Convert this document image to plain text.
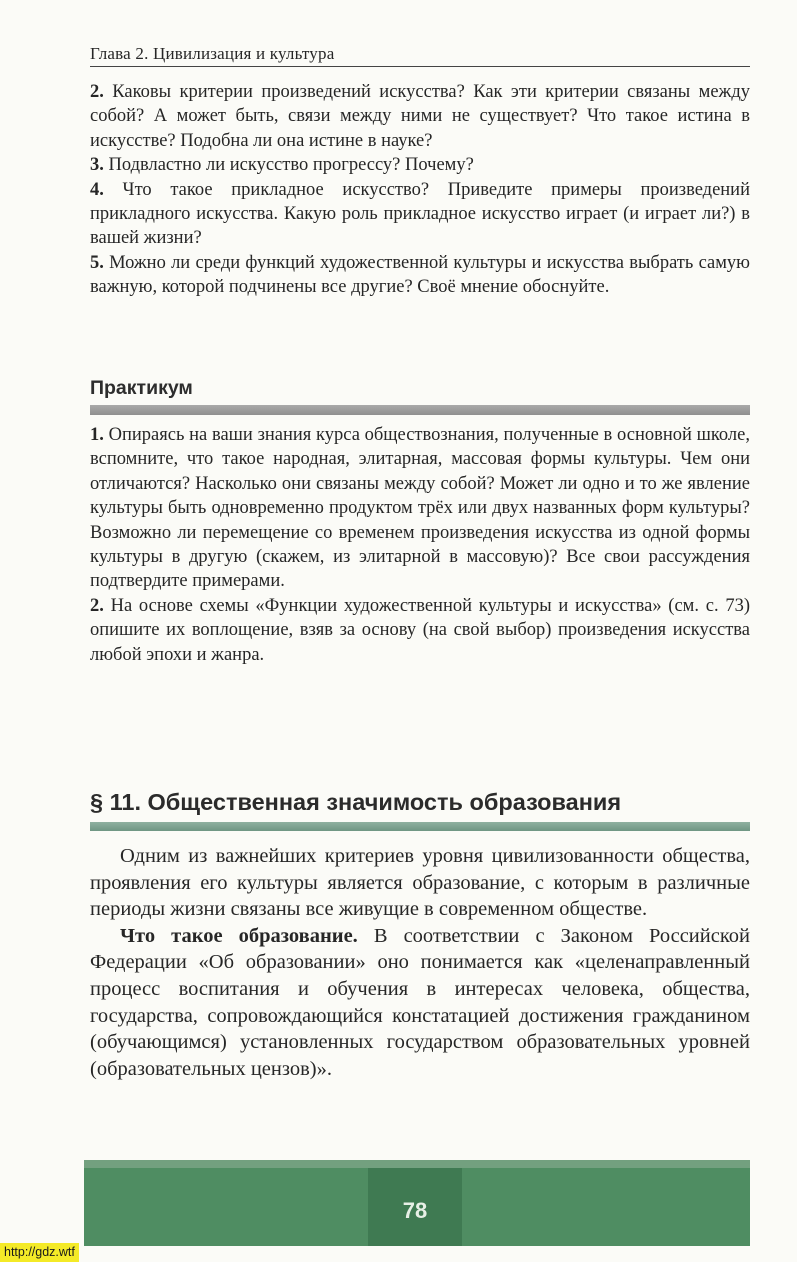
Глава 2. Цивилизация и культура

2. Каковы критерии произведений искусства? Как эти критерии связаны между собой? А может быть, связи между ними не существует? Что такое истина в искусстве? Подобна ли она истине в науке?

3. Подвластно ли искусство прогрессу? Почему?

4. Что такое прикладное искусство? Приведите примеры произведений прикладного искусства. Какую роль прикладное искусство играет (и играет ли?) в вашей жизни?

5. Можно ли среди функций художественной культуры и искусства выбрать самую важную, которой подчинены все другие? Своё мнение обоснуйте.

Практикум

1. Опираясь на ваши знания курса обществознания, полученные в основной школе, вспомните, что такое народная, элитарная, массовая формы культуры. Чем они отличаются? Насколько они связаны между собой? Может ли одно и то же явление культуры быть одновременно продуктом трёх или двух названных форм культуры? Возможно ли перемещение со временем произведения искусства из одной формы культуры в другую (скажем, из элитарной в массовую)? Все свои рассуждения подтвердите примерами.

2. На основе схемы «Функции художественной культуры и искусства» (см. с. 73) опишите их воплощение, взяв за основу (на свой выбор) произведения искусства любой эпохи и жанра.

§ 11. Общественная значимость образования

Одним из важнейших критериев уровня цивилизованности общества, проявления его культуры является образование, с которым в различные периоды жизни связаны все живущие в современном обществе.

Что такое образование. В соответствии с Законом Российской Федерации «Об образовании» оно понимается как «целенаправленный процесс воспитания и обучения в интересах человека, общества, государства, сопровождающийся констатацией достижения гражданином (обучающимся) установленных государством образовательных уровней (образовательных цензов)».

78
http://gdz.wtf
